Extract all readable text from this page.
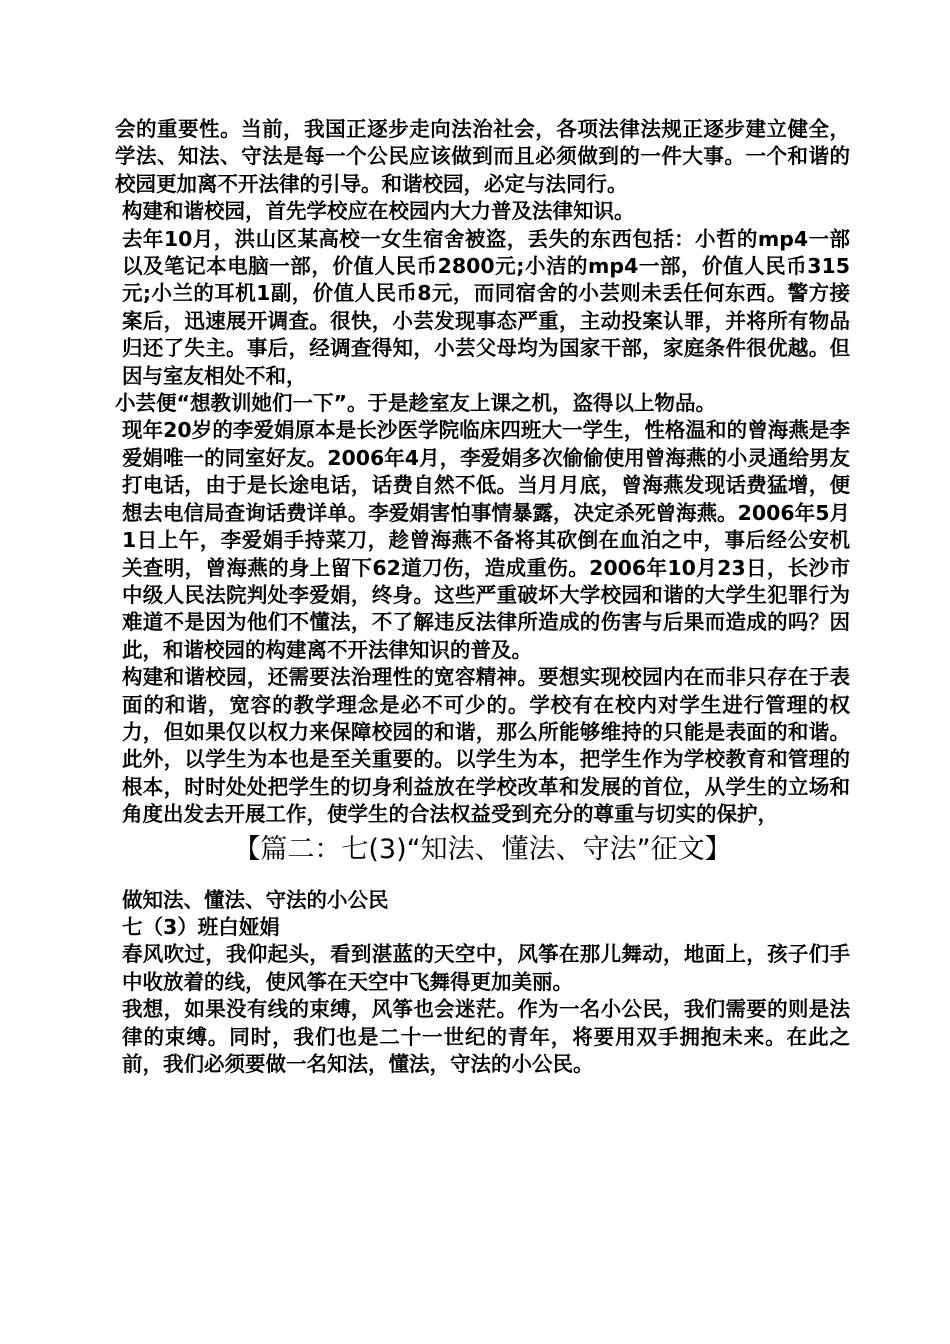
会的重要性。当前，我国正逐步走向法治社会，各项法律法规正逐步建立健全，学法、知法、守法是每一个公民应该做到而且必须做到的一件大事。一个和谐的校园更加离不开法律的引导。和谐校园，必定与法同行。

构建和谐校园，首先学校应在校园内大力普及法律知识。

去年10月，洪山区某高校一女生宿舍被盗，丢失的东西包括：小哲的mp4一部以及笔记本电脑一部，价值人民币2800元;小洁的mp4一部，价值人民币315元;小兰的耳机1副，价值人民币8元，而同宿舍的小芸则未丢任何东西。警方接案后，迅速展开调查。很快，小芸发现事态严重，主动投案认罪，并将所有物品归还了失主。事后，经调查得知，小芸父母均为国家干部，家庭条件很优越。但因与室友相处不和，

小芸便“想教训她们一下”。于是趁室友上课之机，盗得以上物品。

现年20岁的李爱娟原本是长沙医学院临床四班大一学生，性格温和的曾海燕是李爱娟唯一的同室好友。2006年4月，李爱娟多次偷偷使用曾海燕的小灵通给男友打电话，由于是长途电话，话费自然不低。当月月底，曾海燕发现话费猛增，便想去电信局查询话费详单。李爱娟害怕事情暴露，决定杀死曾海燕。2006年5月1日上午，李爱娟手持菜刀，趁曾海燕不备将其砍倒在血泊之中，事后经公安机关查明，曾海燕的身上留下62道刀伤，造成重伤。2006年10月23日，长沙市中级人民法院判处李爱娟，终身。这些严重破坏大学校园和谐的大学生犯罪行为难道不是因为他们不懂法，不了解违反法律所造成的伤害与后果而造成的吗？因此，和谐校园的构建离不开法律知识的普及。

构建和谐校园，还需要法治理性的宽容精神。要想实现校园内在而非只存在于表面的和谐，宽容的教学理念是必不可少的。学校有在校内对学生进行管理的权力，但如果仅以权力来保障校园的和谐，那么所能够维持的只能是表面的和谐。此外，以学生为本也是至关重要的。以学生为本，把学生作为学校教育和管理的根本，时时处处把学生的切身利益放在学校改革和发展的首位，从学生的立场和角度出发去开展工作，使学生的合法权益受到充分的尊重与切实的保护，

【篇二：七(3)“知法、懂法、守法”征文】

做知法、懂法、守法的小公民

七（3）班白娅娟

春风吹过，我仰起头，看到湛蓝的天空中，风筝在那儿舞动，地面上，孩子们手中收放着的线，使风筝在天空中飞舞得更加美丽。

我想，如果没有线的束缚，风筝也会迷茫。作为一名小公民，我们需要的则是法律的束缚。同时，我们也是二十一世纪的青年，将要用双手拥抱未来。在此之前，我们必须要做一名知法，懂法，守法的小公民。
